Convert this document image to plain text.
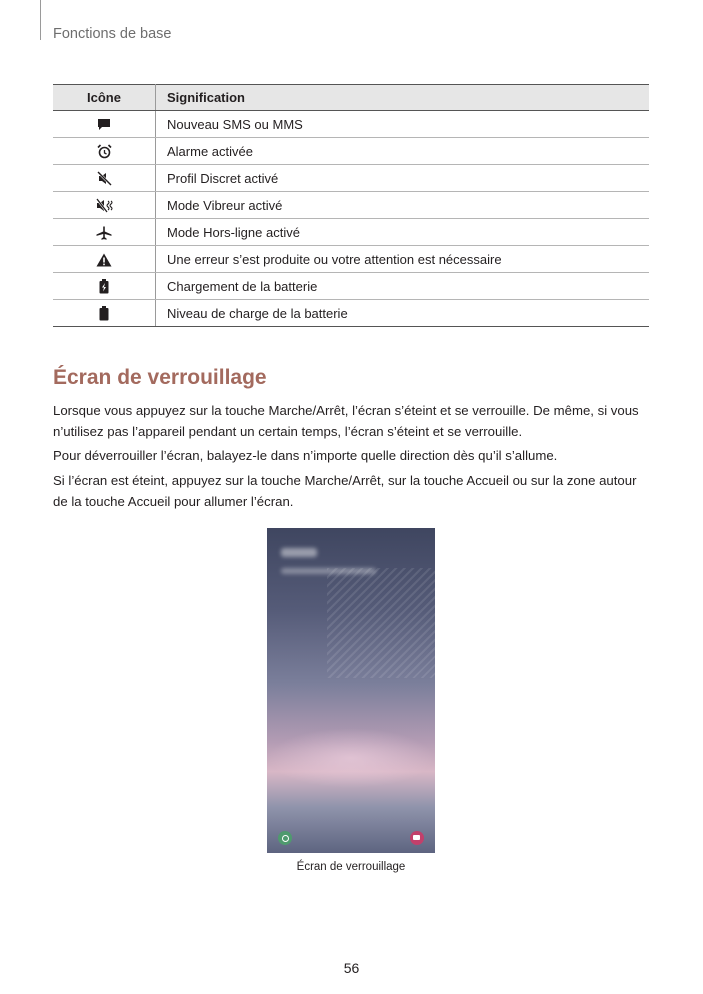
Fonctions de base
Icône	Signification
	Nouveau SMS ou MMS
	Alarme activée
	Profil Discret activé
	Mode Vibreur activé
	Mode Hors-ligne activé
	Une erreur s’est produite ou votre attention est nécessaire
	Chargement de la batterie
	Niveau de charge de la batterie
Écran de verrouillage

Lorsque vous appuyez sur la touche Marche/Arrêt, l’écran s’éteint et se verrouille. De même, si vous n’utilisez pas l’appareil pendant un certain temps, l’écran s’éteint et se verrouille.

Pour déverrouiller l’écran, balayez-le dans n’importe quelle direction dès qu’il s’allume.

Si l’écran est éteint, appuyez sur la touche Marche/Arrêt, sur la touche Accueil ou sur la zone autour de la touche Accueil pour allumer l’écran.

Écran de verrouillage

56
